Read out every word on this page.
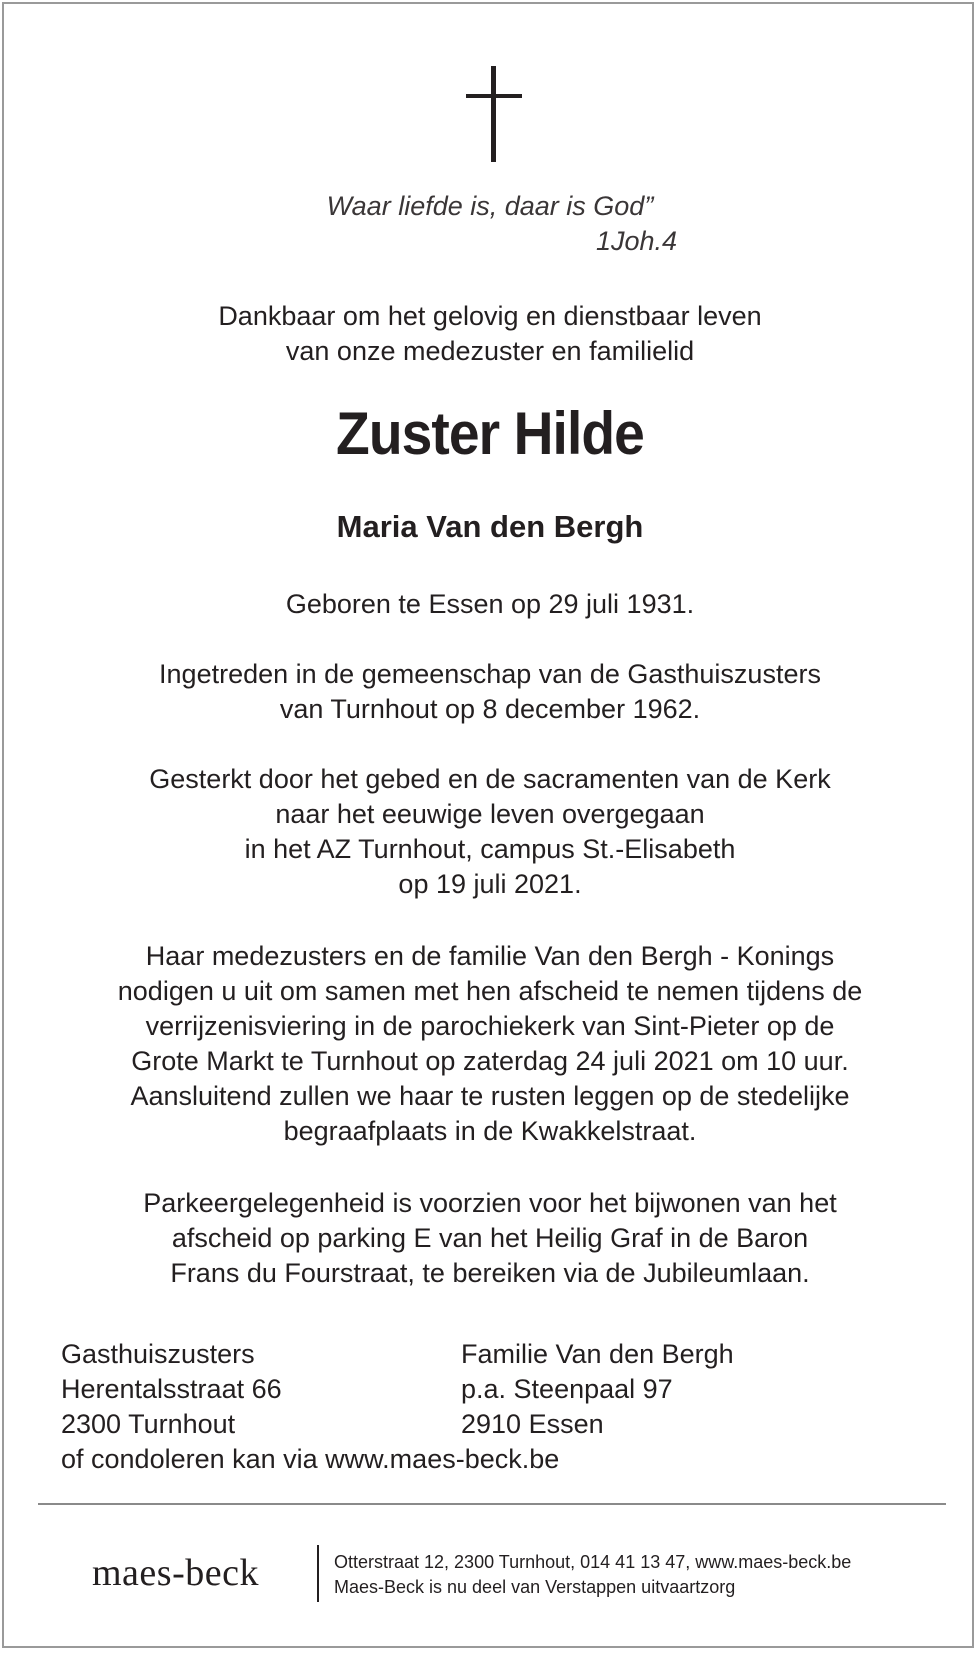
Waar liefde is, daar is God”
1Joh.4
Dankbaar om het gelovig en dienstbaar leven
van onze medezuster en familielid
Zuster Hilde
Maria Van den Bergh
Geboren te Essen op 29 juli 1931.
Ingetreden in de gemeenschap van de Gasthuiszusters
van Turnhout op 8 december 1962.
Gesterkt door het gebed en de sacramenten van de Kerk
naar het eeuwige leven overgegaan
in het AZ Turnhout, campus St.-Elisabeth
op 19 juli 2021.
Haar medezusters en de familie Van den Bergh - Konings
nodigen u uit om samen met hen afscheid te nemen tijdens de
verrijzenisviering in de parochiekerk van Sint-Pieter op de
Grote Markt te Turnhout op zaterdag 24 juli 2021 om 10 uur.
Aansluitend zullen we haar te rusten leggen op de stedelijke
begraafplaats in de Kwakkelstraat.
Parkeergelegenheid is voorzien voor het bijwonen van het
afscheid op parking E van het Heilig Graf in de Baron
Frans du Fourstraat, te bereiken via de Jubileumlaan.
Gasthuiszusters
Herentalsstraat 66
2300 Turnhout
of condoleren kan via www.maes-beck.be
Familie Van den Bergh
p.a. Steenpaal 97
2910 Essen
maes-beck	Otterstraat 12, 2300 Turnhout, 014 41 13 47, www.maes-beck.be
Maes-Beck is nu deel van Verstappen uitvaartzorg
